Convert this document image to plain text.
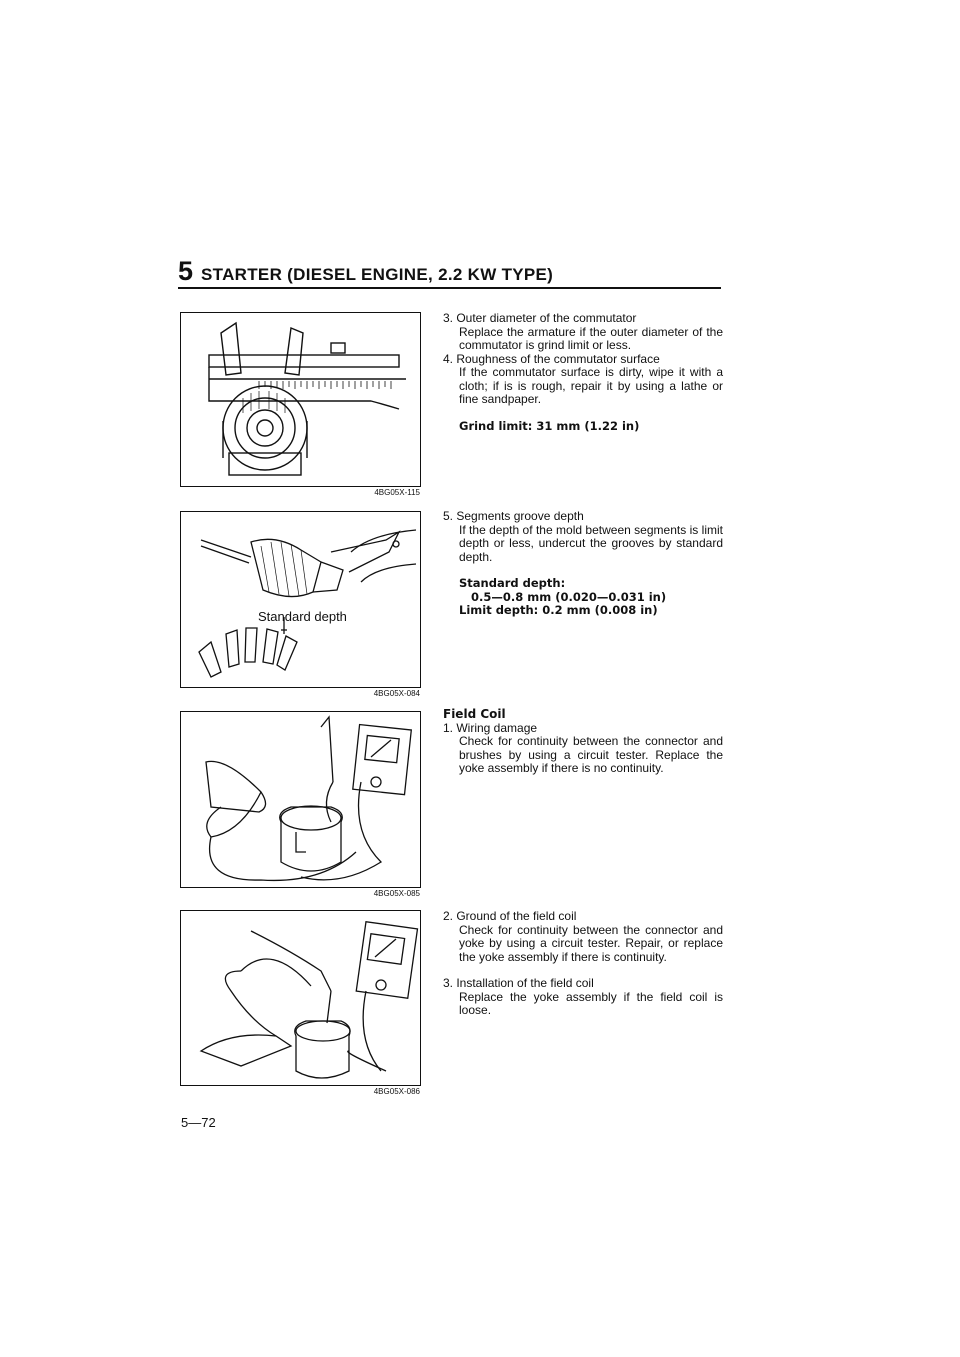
5 STARTER (DIESEL ENGINE, 2.2 KW TYPE)
4BG05X-115
Standard depth
4BG05X-084
4BG05X-085
4BG05X-086

3. Outer diameter of the commutator

Replace the armature if the outer diameter of the commutator is grind limit or less.

4. Roughness of the commutator surface

If the commutator surface is dirty, wipe it with a cloth; if is is rough, repair it by using a lathe or fine sandpaper.

Grind limit: 31 mm (1.22 in)

5. Segments groove depth

If the depth of the mold between segments is limit depth or less, undercut the grooves by standard depth.

Standard depth:

0.5—0.8 mm (0.020—0.031 in)

Limit depth: 0.2 mm (0.008 in)

Field Coil

1. Wiring damage

Check for continuity between the connector and brushes by using a circuit tester. Replace the yoke assembly if there is no continuity.

2. Ground of the field coil

Check for continuity between the connector and yoke by using a circuit tester. Repair, or replace the yoke assembly if there is continuity.

3. Installation of the field coil

Replace the yoke assembly if the field coil is loose.

5—72
